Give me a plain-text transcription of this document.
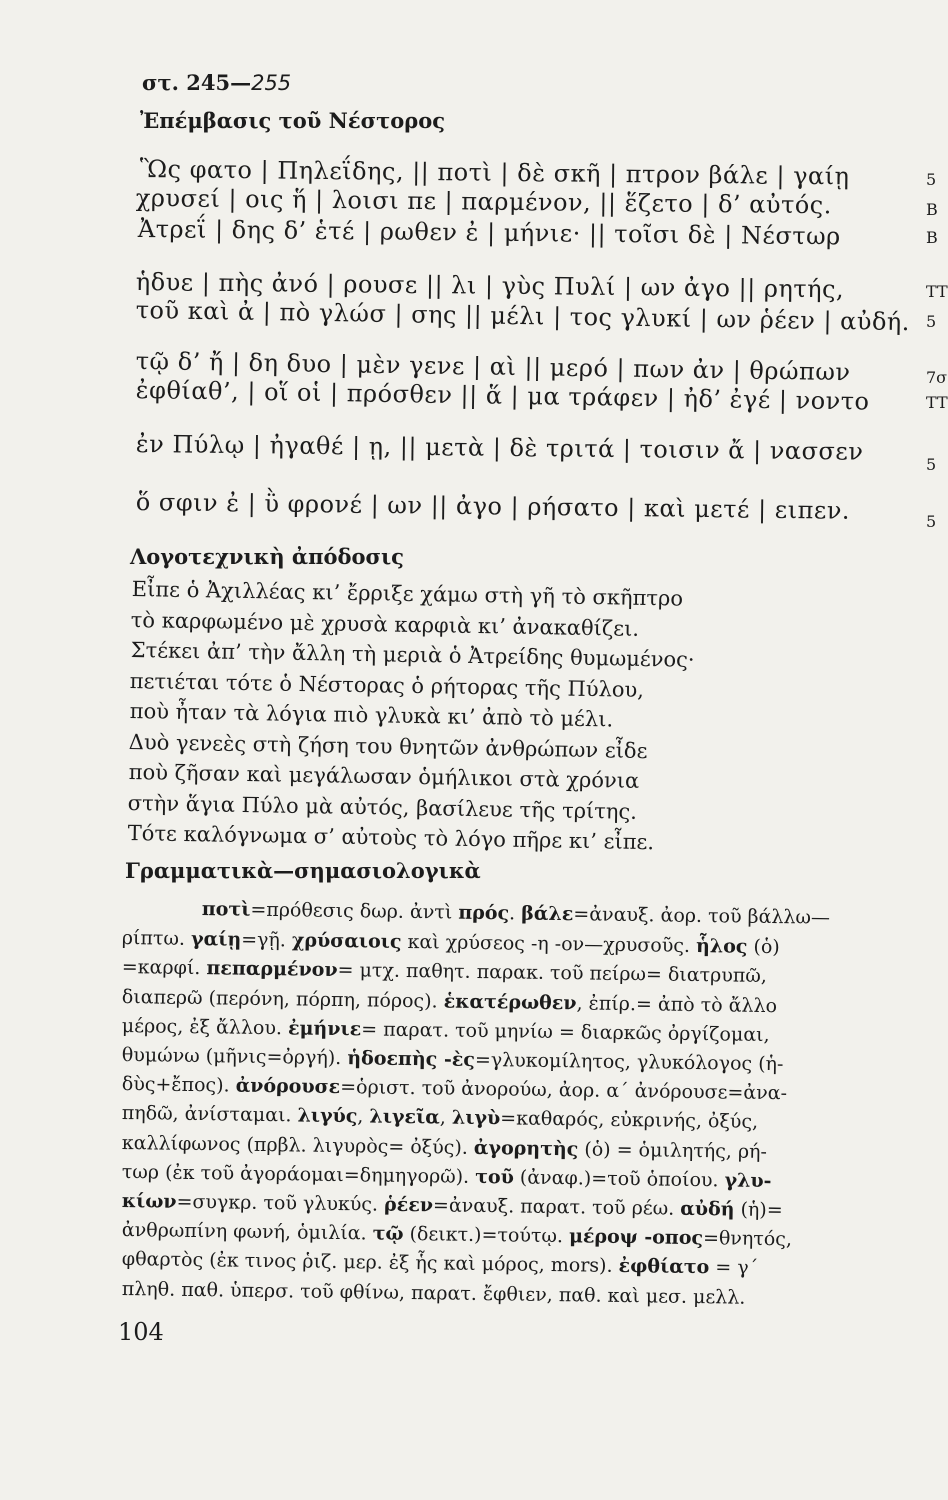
στ. 245—255
Ἐπέμβασις τοῦ Νέστορος
Ὣς φατο | Πηλεΐδης, || ποτὶ | δὲ σκῆ | πτρον βάλε | γαίῃ
χρυσεί | οις ἥ | λοισι πε | παρμένον, || ἕζετο | δ’ αὐτός.
Ἀτρεΐ | δης δ’ ἑτέ | ρωθεν ἐ | μήνιε· || τοῖσι δὲ | Νέστωρ
ἡδυε | πὴς ἀνό | ρουσε || λι | γὺς Πυλί | ων ἀγο || ρητής,
τοῦ καὶ ἀ | πὸ γλώσ | σης || μέλι | τος γλυκί | ων ῥέεν | αὐδή.
τῷ δ’ ἤ | δη δυο | μὲν γενε | αὶ || μερό | πων ἀν | θρώπων
ἐφθίαθ’, | οἵ οἱ | πρόσθεν || ἅ | μα τράφεν | ἠδ’ ἐγέ | νοντο
ἐν Πύλῳ | ἠγαθέ | ῃ, || μετὰ | δὲ τριτά | τοισιν ἄ | νασσεν
ὅ σφιν ἐ | ῢ φρονέ | ων || ἀγο | ρήσατο | καὶ μετέ | ειπεν.
5
B
B
TT
5
7σ
TT
5
5
Λογοτεχνικὴ ἀπόδοσις
Εἶπε ὁ Ἀχιλλέας κι’ ἔρριξε χάμω στὴ γῆ τὸ σκῆπτρο
τὸ καρφωμένο μὲ χρυσὰ καρφιὰ κι’ ἀνακαθίζει.
Στέκει ἀπ’ τὴν ἄλλη τὴ μεριὰ ὁ Ἀτρείδης θυμωμένος·
πετιέται τότε ὁ Νέστορας ὁ ρήτορας τῆς Πύλου,
ποὺ ἦταν τὰ λόγια πιὸ γλυκὰ κι’ ἀπὸ τὸ μέλι.
Δυὸ γενεὲς στὴ ζήση του θνητῶν ἀνθρώπων εἶδε
ποὺ ζῆσαν καὶ μεγάλωσαν ὁμήλικοι στὰ χρόνια
στὴν ἅγια Πύλο μὰ αὐτός, βασίλευε τῆς τρίτης.
Τότε καλόγνωμα σ’ αὐτοὺς τὸ λόγο πῆρε κι’ εἶπε.
Γραμματικὰ—σημασιολογικὰ
ποτὶ=πρόθεσις δωρ. ἀντὶ πρός. βάλε=ἀναυξ. ἀορ. τοῦ βάλλω—
ρίπτω. γαίῃ=γῇ. χρύσαιοις καὶ χρύσεος -η -ον—χρυσοῦς. ἧλος (ὁ)
=καρφί. πεπαρμένον= μτχ. παθητ. παρακ. τοῦ πείρω= διατρυπῶ,
διαπερῶ (περόνη, πόρπη, πόρος). ἑκατέρωθεν, ἐπίρ.= ἀπὸ τὸ ἄλλο
μέρος, ἐξ ἄλλου. ἐμήνιε= παρατ. τοῦ μηνίω = διαρκῶς ὀργίζομαι,
θυμώνω (μῆνις=ὀργή). ἡδοεπὴς -ὲς=γλυκομίλητος, γλυκόλογος (ἡ-
δὺς+ἔπος). ἀνόρουσε=ὁριστ. τοῦ ἀνορούω, ἀορ. α΄ ἀνόρουσε=ἀνα-
πηδῶ, ἀνίσταμαι. λιγύς, λιγεῖα, λιγὺ=καθαρός, εὐκρινής, ὀξύς,
καλλίφωνος (πρβλ. λιγυρὸς= ὀξύς). ἀγορητὴς (ὁ) = ὁμιλητής, ρή-
τωρ (ἐκ τοῦ ἀγοράομαι=δημηγορῶ). τοῦ (ἀναφ.)=τοῦ ὁποίου. γλυ-
κίων=συγκρ. τοῦ γλυκύς. ῥέεν=ἀναυξ. παρατ. τοῦ ρέω. αὐδή (ἡ)=
ἀνθρωπίνη φωνή, ὁμιλία. τῷ (δεικτ.)=τούτῳ. μέροψ -οπος=θνητός,
φθαρτὸς (ἐκ τινος ῥιζ. μερ. ἐξ ἧς καὶ μόρος, mors). ἐφθίατο = γ΄
πληθ. παθ. ὑπερσ. τοῦ φθίνω, παρατ. ἔφθιεν, παθ. καὶ μεσ. μελλ.
104
